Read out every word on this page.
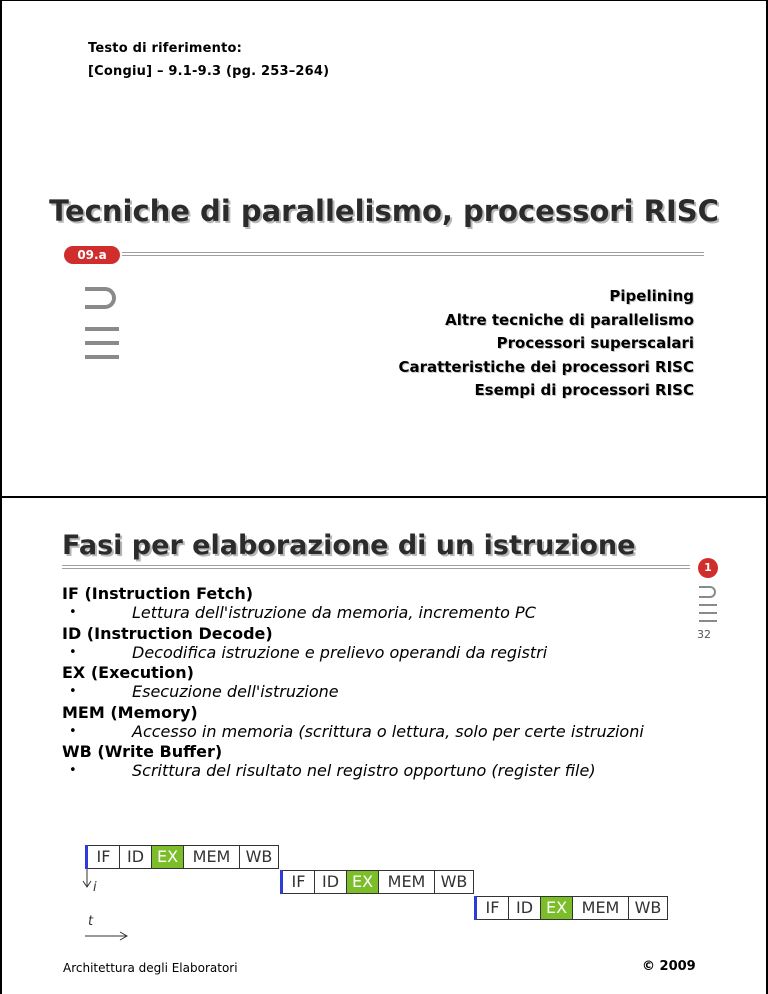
Testo di riferimento:
[Congiu] – 9.1-9.3 (pg. 253–264)
Tecniche di parallelismo, processori RISC
09.a
Pipelining
Altre tecniche di parallelismo
Processori superscalari
Caratteristiche dei processori RISC
Esempi di processori RISC
Fasi per elaborazione di un istruzione
1
32
IF (Instruction Fetch)
• Lettura dell'istruzione da memoria, incremento PC
ID (Instruction Decode)
• Decodifica istruzione e prelievo operandi da registri
EX (Execution)
• Esecuzione dell'istruzione
MEM (Memory)
• Accesso in memoria (scrittura o lettura, solo per certe istruzioni
WB (Write Buffer)
• Scrittura del risultato nel registro opportuno (register file)
IF	ID EX MEM WB
IF	ID EX MEM WB
IF	ID EX MEM WB
i
t
Architettura degli Elaboratori	© 2009
